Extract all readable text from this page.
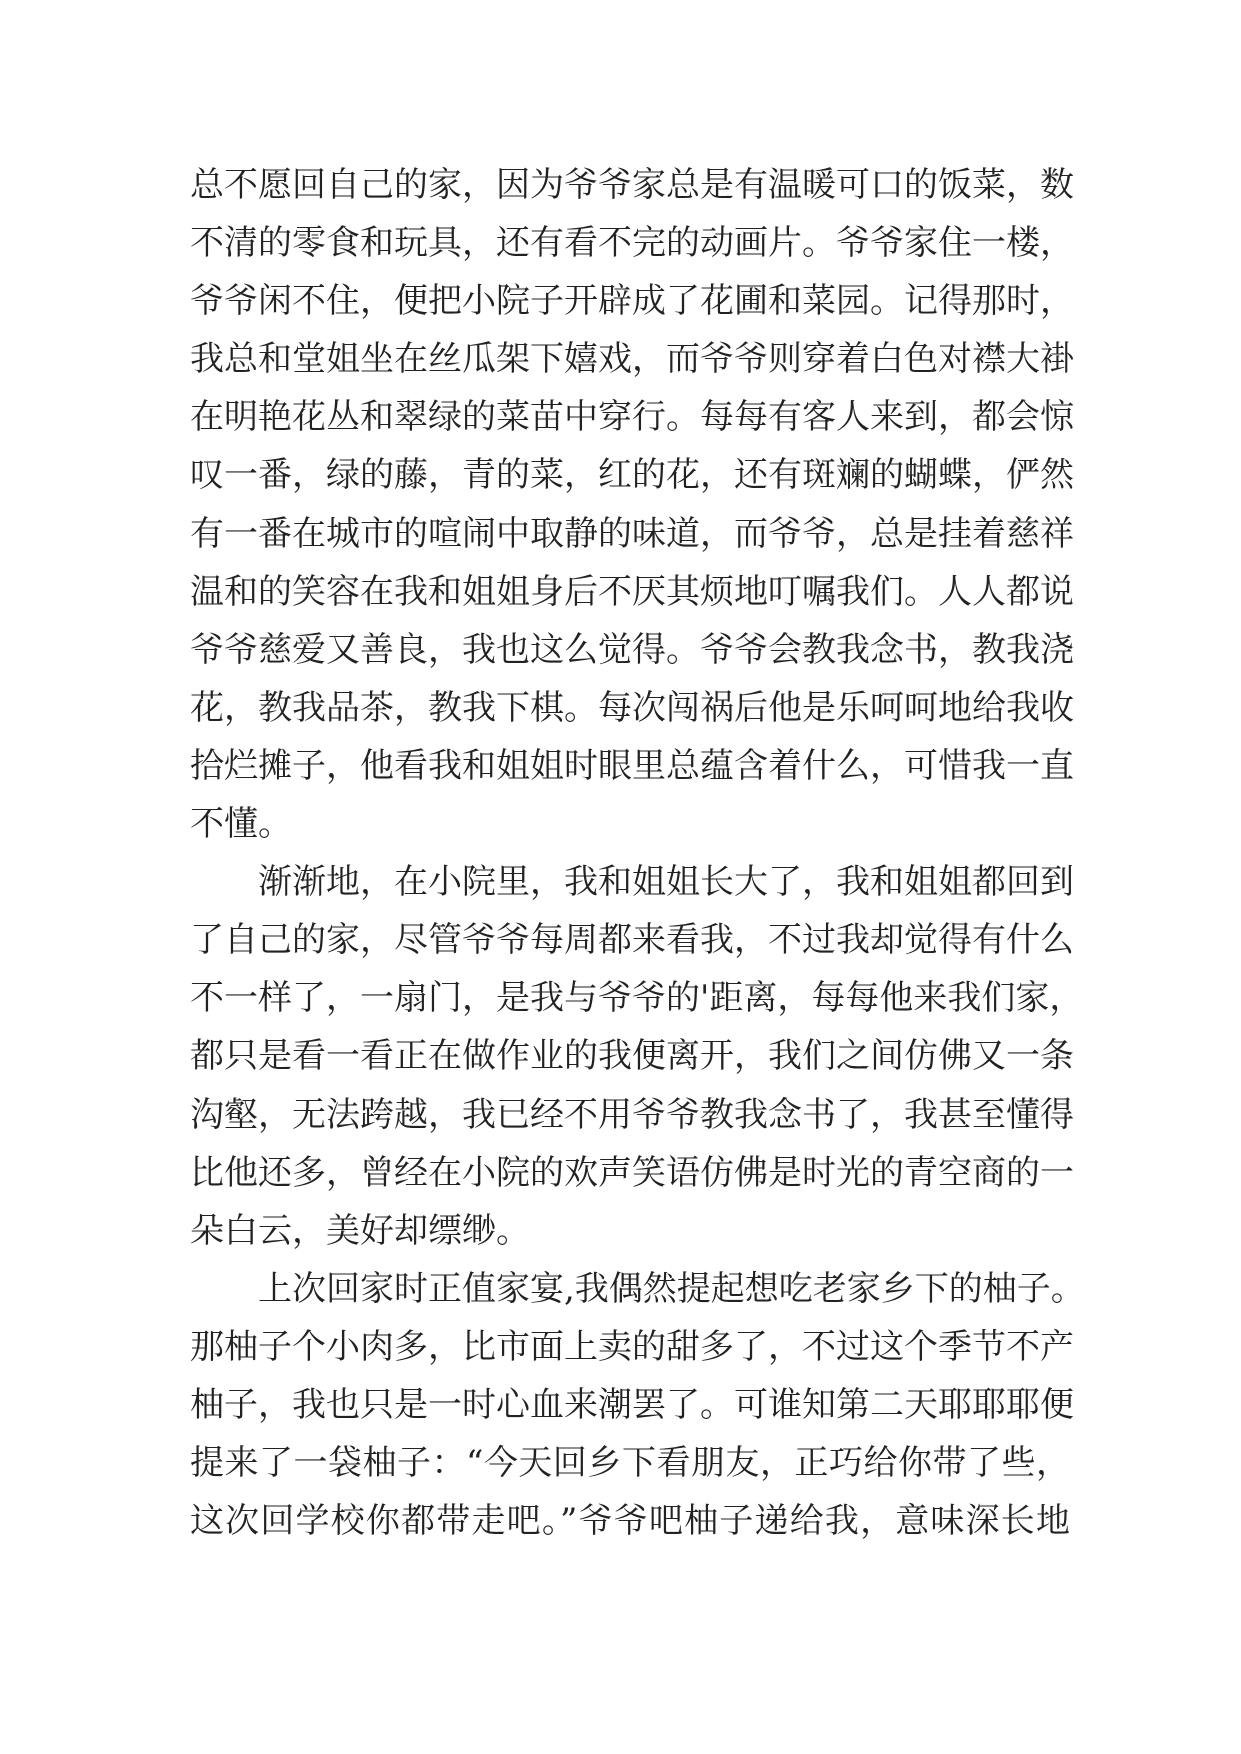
总不愿回自己的家，因为爷爷家总是有温暖可口的饭菜，数
不清的零食和玩具，还有看不完的动画片。爷爷家住一楼，
爷爷闲不住，便把小院子开辟成了花圃和菜园。记得那时，
我总和堂姐坐在丝瓜架下嬉戏，而爷爷则穿着白色对襟大褂
在明艳花丛和翠绿的菜苗中穿行。每每有客人来到，都会惊
叹一番，绿的藤，青的菜，红的花，还有斑斓的蝴蝶，俨然
有一番在城市的喧闹中取静的味道，而爷爷，总是挂着慈祥
温和的笑容在我和姐姐身后不厌其烦地叮嘱我们。人人都说
爷爷慈爱又善良，我也这么觉得。爷爷会教我念书，教我浇
花，教我品茶，教我下棋。每次闯祸后他是乐呵呵地给我收
拾烂摊子，他看我和姐姐时眼里总蕴含着什么，可惜我一直
不懂。
渐渐地，在小院里，我和姐姐长大了，我和姐姐都回到
了自己的家，尽管爷爷每周都来看我，不过我却觉得有什么
不一样了，一扇门，是我与爷爷的'距离，每每他来我们家，
都只是看一看正在做作业的我便离开，我们之间仿佛又一条
沟壑，无法跨越，我已经不用爷爷教我念书了，我甚至懂得
比他还多，曾经在小院的欢声笑语仿佛是时光的青空商的一
朵白云，美好却缥缈。
上次回家时正值家宴,我偶然提起想吃老家乡下的柚子。
那柚子个小肉多，比市面上卖的甜多了，不过这个季节不产
柚子，我也只是一时心血来潮罢了。可谁知第二天耶耶耶便
提来了一袋柚子：“今天回乡下看朋友，正巧给你带了些，
这次回学校你都带走吧。”爷爷吧柚子递给我，意味深长地
